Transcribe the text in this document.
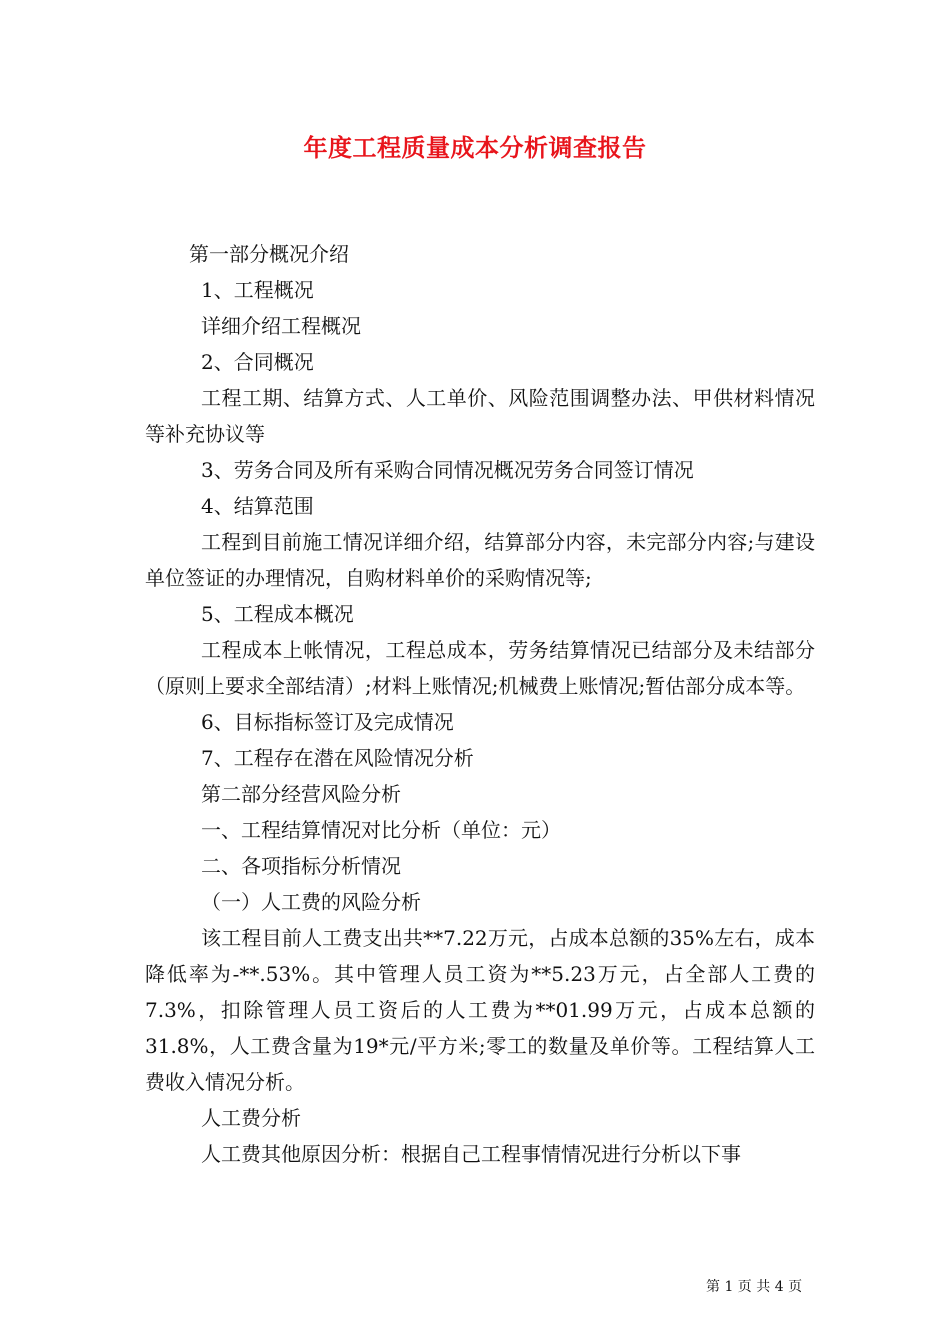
年度工程质量成本分析调查报告
第一部分概况介绍
1、工程概况
详细介绍工程概况
2、合同概况
工程工期、结算方式、人工单价、风险范围调整办法、甲供材料情况等补充协议等
3、劳务合同及所有采购合同情况概况劳务合同签订情况
4、结算范围
工程到目前施工情况详细介绍，结算部分内容，未完部分内容;与建设单位签证的办理情况，自购材料单价的采购情况等;
5、工程成本概况
工程成本上帐情况，工程总成本，劳务结算情况已结部分及未结部分（原则上要求全部结清）;材料上账情况;机械费上账情况;暂估部分成本等。
6、目标指标签订及完成情况
7、工程存在潜在风险情况分析
第二部分经营风险分析
一、工程结算情况对比分析（单位：元）
二、各项指标分析情况
（一）人工费的风险分析
该工程目前人工费支出共**7.22万元，占成本总额的35%左右，成本降低率为-**.53%。其中管理人员工资为**5.23万元，占全部人工费的7.3%，扣除管理人员工资后的人工费为**01.99万元，占成本总额的31.8%，人工费含量为19*元/平方米;零工的数量及单价等。工程结算人工费收入情况分析。
人工费分析
人工费其他原因分析：根据自己工程事情情况进行分析以下事
第 1 页 共 4 页
